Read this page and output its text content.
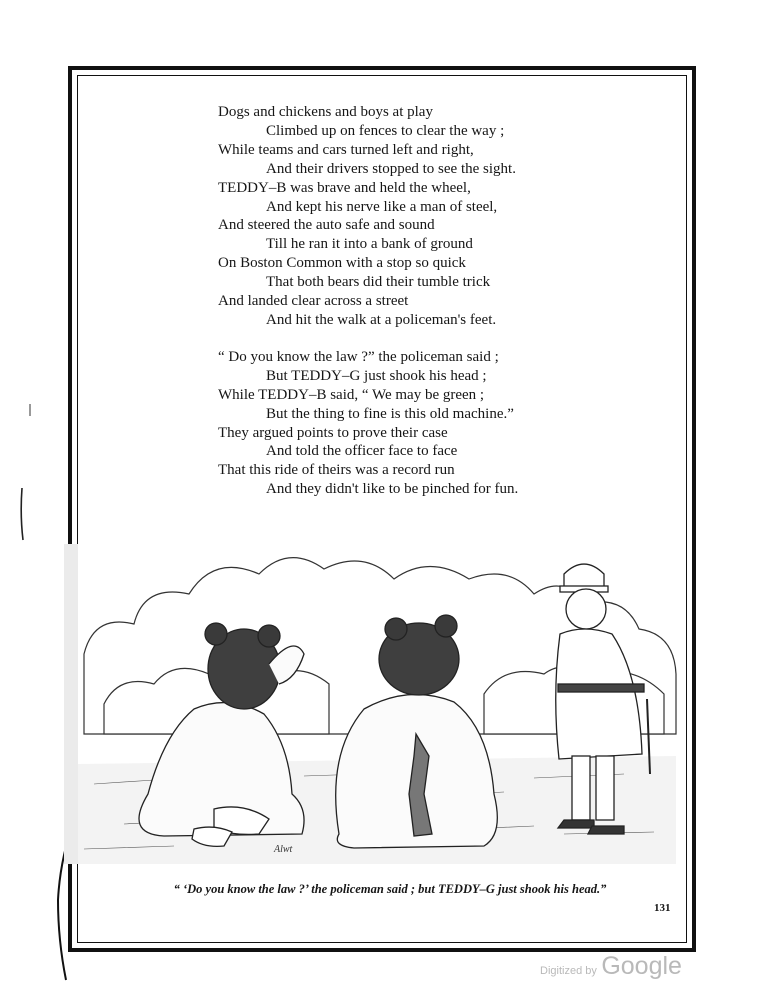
Dogs and chickens and boys at play
Climbed up on fences to clear the way ;
While teams and cars turned left and right,
And their drivers stopped to see the sight.
TEDDY–B was brave and held the wheel,
And kept his nerve like a man of steel,
And steered the auto safe and sound
Till he ran it into a bank of ground
On Boston Common with a stop so quick
That both bears did their tumble trick
And landed clear across a street
And hit the walk at a policeman's feet.
“ Do you know the law ?” the policeman said ;
But TEDDY–G just shook his head ;
While TEDDY–B said, “ We may be green ;
But the thing to fine is this old machine.”
They argued points to prove their case
And told the officer face to face
That this ride of theirs was a record run
And they didn't like to be pinched for fun.
Alwt
“ ‘Do you know the law ?’ the policeman said ; but TEDDY–G just shook his head.”
131
Digitized by Google
